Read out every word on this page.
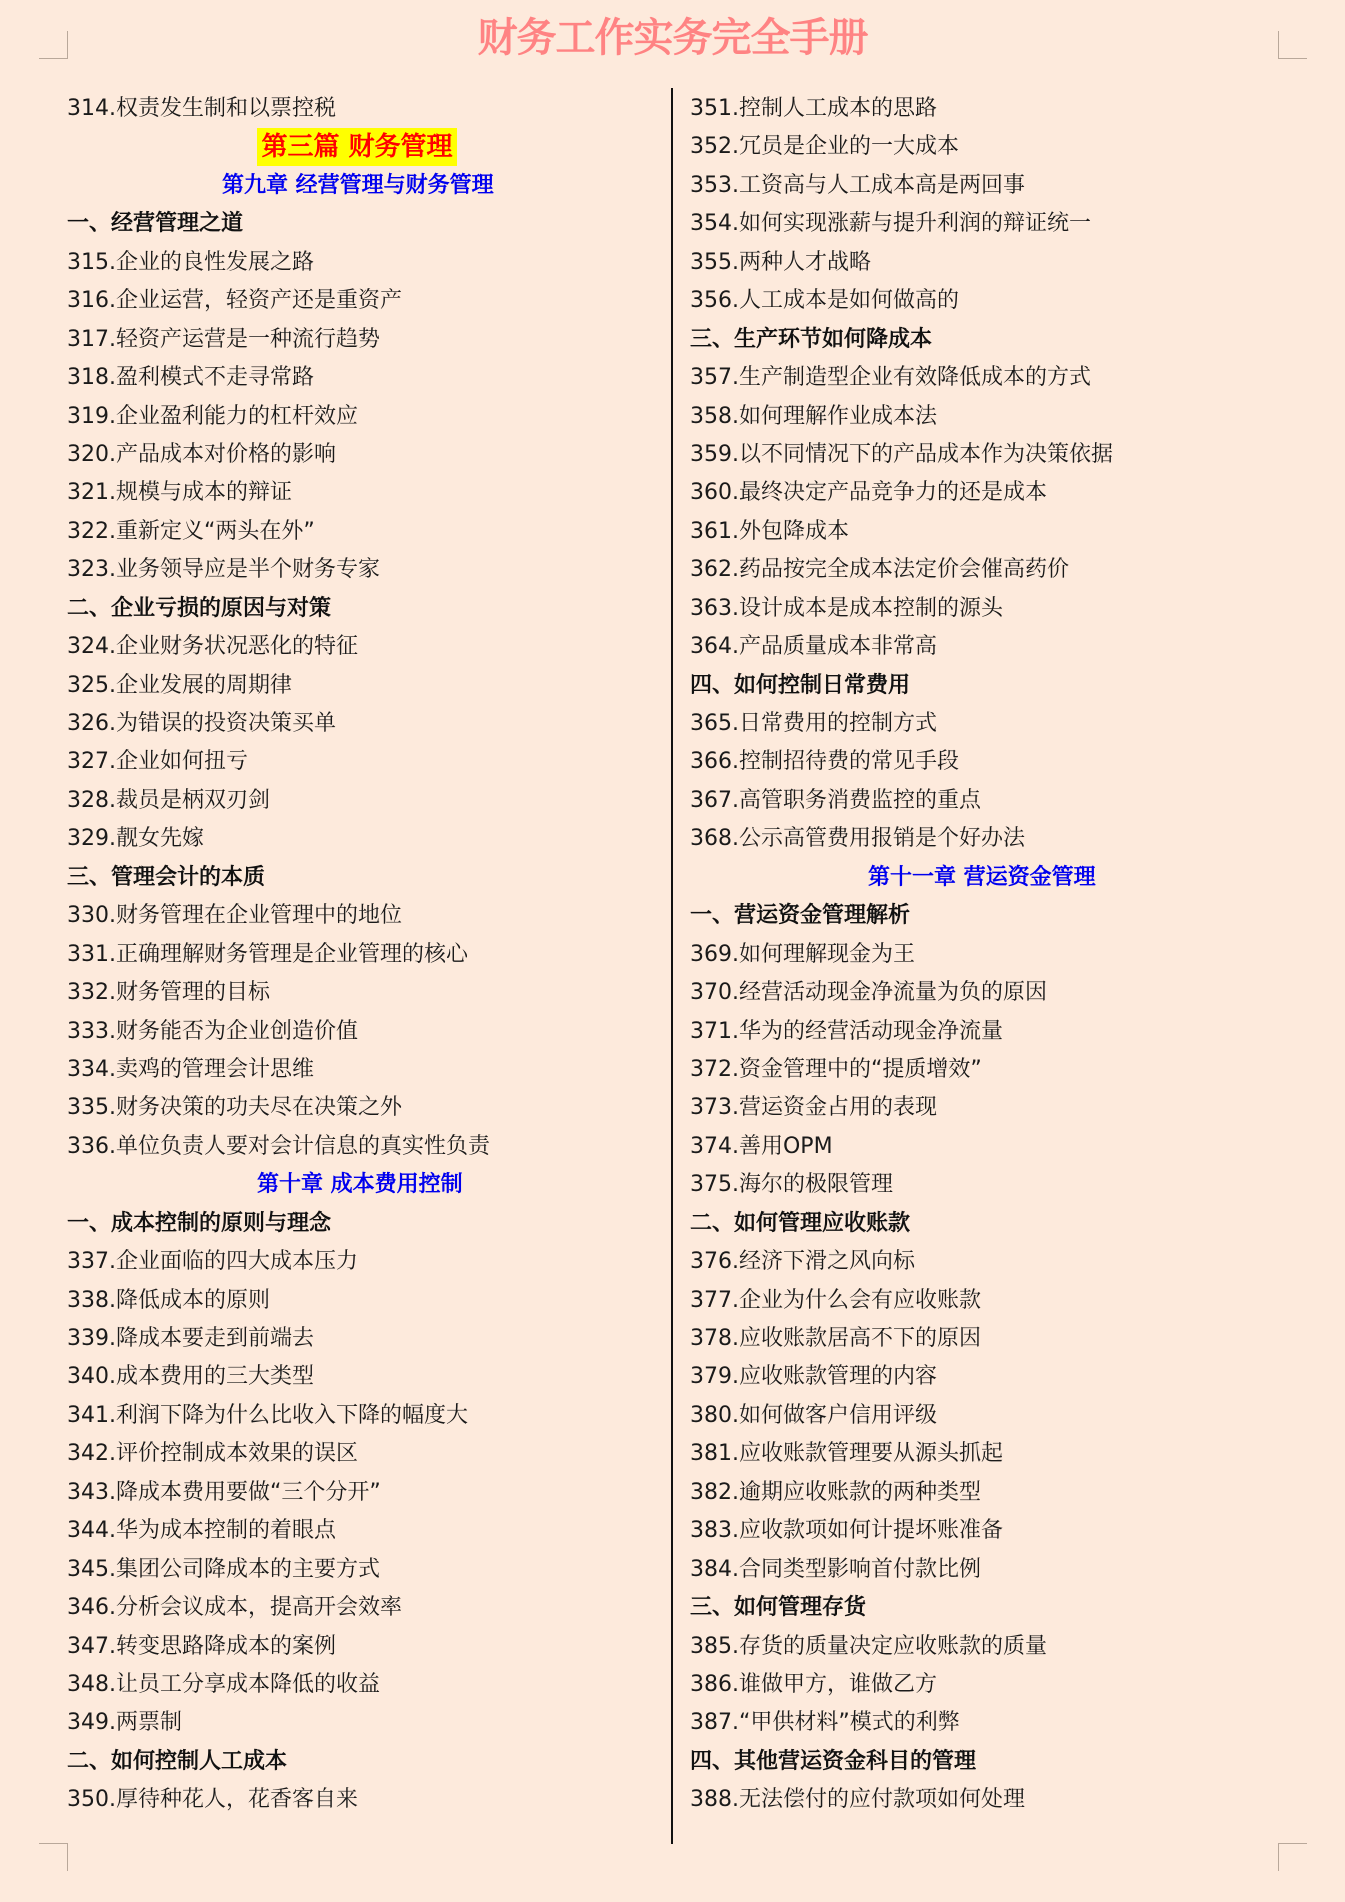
财务工作实务完全手册
314.权责发生制和以票控税
第三篇 财务管理
第九章 经营管理与财务管理
一、经营管理之道
315.企业的良性发展之路
316.企业运营，轻资产还是重资产
317.轻资产运营是一种流行趋势
318.盈利模式不走寻常路
319.企业盈利能力的杠杆效应
320.产品成本对价格的影响
321.规模与成本的辩证
322.重新定义“两头在外”
323.业务领导应是半个财务专家
二、企业亏损的原因与对策
324.企业财务状况恶化的特征
325.企业发展的周期律
326.为错误的投资决策买单
327.企业如何扭亏
328.裁员是柄双刃剑
329.靓女先嫁
三、管理会计的本质
330.财务管理在企业管理中的地位
331.正确理解财务管理是企业管理的核心
332.财务管理的目标
333.财务能否为企业创造价值
334.卖鸡的管理会计思维
335.财务决策的功夫尽在决策之外
336.单位负责人要对会计信息的真实性负责
第十章 成本费用控制
一、成本控制的原则与理念
337.企业面临的四大成本压力
338.降低成本的原则
339.降成本要走到前端去
340.成本费用的三大类型
341.利润下降为什么比收入下降的幅度大
342.评价控制成本效果的误区
343.降成本费用要做“三个分开”
344.华为成本控制的着眼点
345.集团公司降成本的主要方式
346.分析会议成本，提高开会效率
347.转变思路降成本的案例
348.让员工分享成本降低的收益
349.两票制
二、如何控制人工成本
350.厚待种花人，花香客自来
351.控制人工成本的思路
352.冗员是企业的一大成本
353.工资高与人工成本高是两回事
354.如何实现涨薪与提升利润的辩证统一
355.两种人才战略
356.人工成本是如何做高的
三、生产环节如何降成本
357.生产制造型企业有效降低成本的方式
358.如何理解作业成本法
359.以不同情况下的产品成本作为决策依据
360.最终决定产品竞争力的还是成本
361.外包降成本
362.药品按完全成本法定价会催高药价
363.设计成本是成本控制的源头
364.产品质量成本非常高
四、如何控制日常费用
365.日常费用的控制方式
366.控制招待费的常见手段
367.高管职务消费监控的重点
368.公示高管费用报销是个好办法
第十一章 营运资金管理
一、营运资金管理解析
369.如何理解现金为王
370.经营活动现金净流量为负的原因
371.华为的经营活动现金净流量
372.资金管理中的“提质增效”
373.营运资金占用的表现
374.善用OPM
375.海尔的极限管理
二、如何管理应收账款
376.经济下滑之风向标
377.企业为什么会有应收账款
378.应收账款居高不下的原因
379.应收账款管理的内容
380.如何做客户信用评级
381.应收账款管理要从源头抓起
382.逾期应收账款的两种类型
383.应收款项如何计提坏账准备
384.合同类型影响首付款比例
三、如何管理存货
385.存货的质量决定应收账款的质量
386.谁做甲方，谁做乙方
387.“甲供材料”模式的利弊
四、其他营运资金科目的管理
388.无法偿付的应付款项如何处理
